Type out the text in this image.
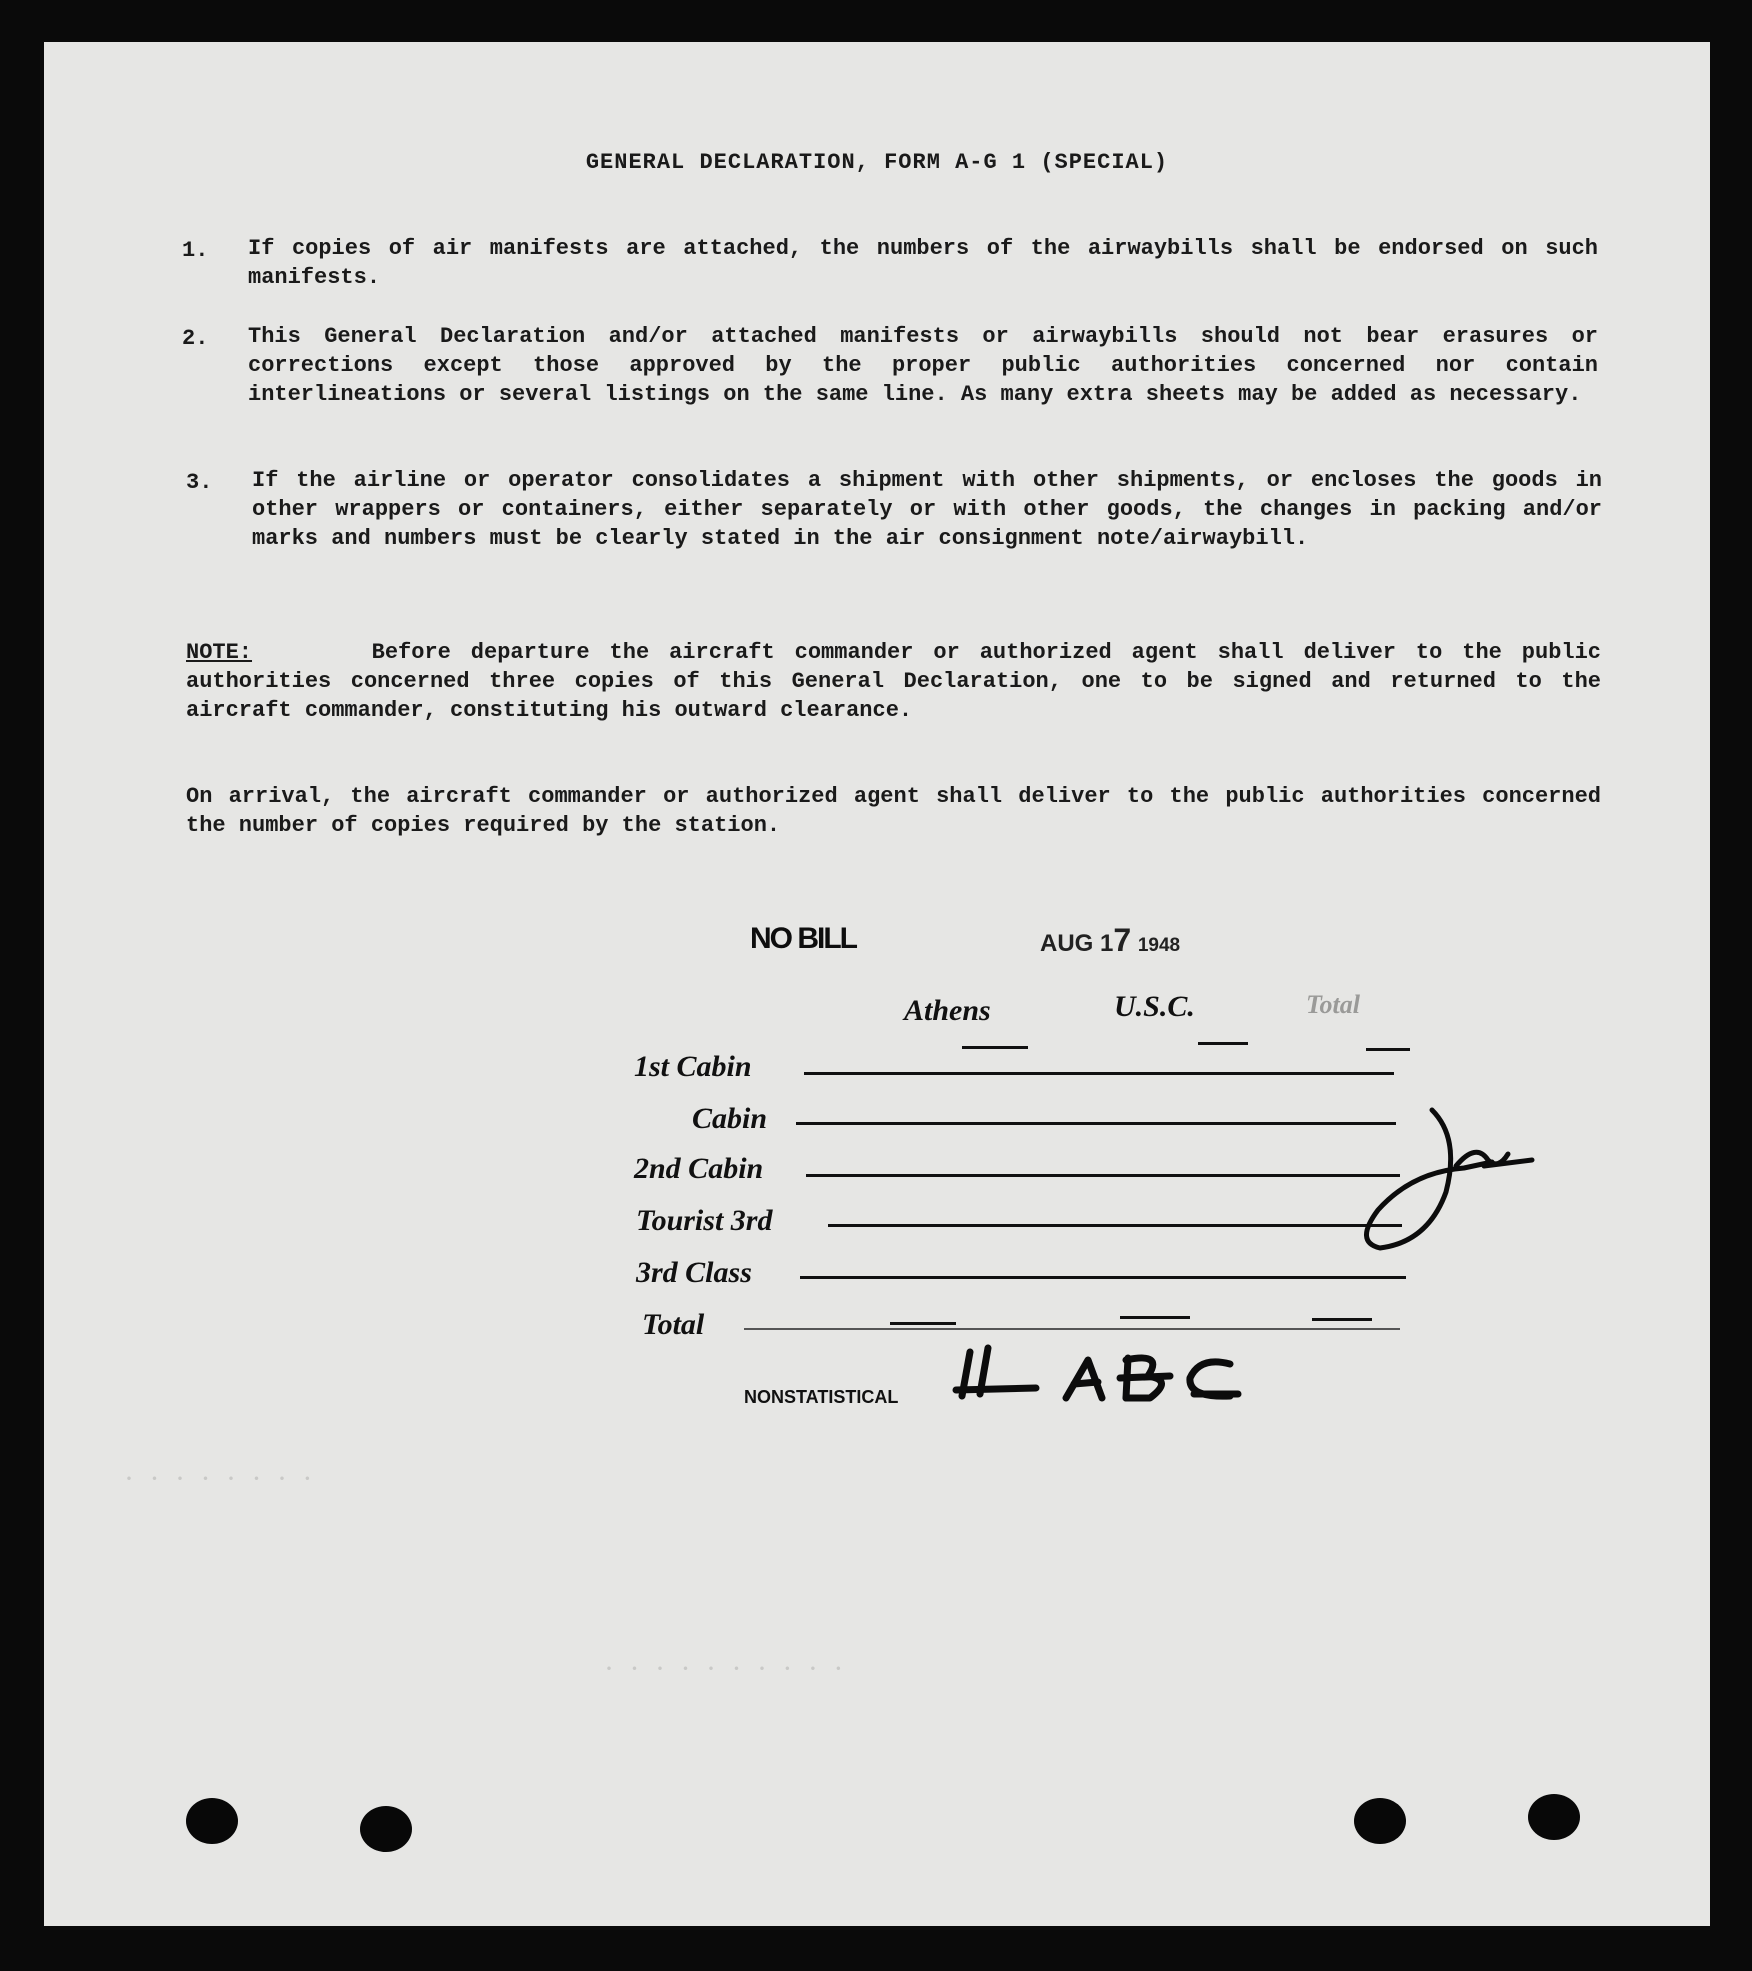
· · · · · · · · · ·
· · · · · · · ·
GENERAL DECLARATION, FORM A-G 1 (SPECIAL)
1. If copies of air manifests are attached, the numbers of the airwaybills shall be endorsed on such manifests.
2. This General Declaration and/or attached manifests or airwaybills should not bear erasures or corrections except those approved by the proper public authorities concerned nor contain interlineations or several listings on the same line. As many extra sheets may be added as necessary.
3. If the airline or operator consolidates a shipment with other shipments, or encloses the goods in other wrappers or containers, either separately or with other goods, the changes in packing and/or marks and numbers must be clearly stated in the air consignment note/airwaybill.
NOTE:	Before departure the aircraft commander or authorized agent shall deliver to the public authorities concerned three copies of this General Declaration, one to be signed and returned to the aircraft commander, constituting his outward clearance.
On arrival, the aircraft commander or authorized agent shall deliver to the public authorities concerned the number of copies required by the station.
NO BILL	AUG 17 1948
Athens	U.S.C.	Total
1st Cabin
Cabin
2nd Cabin
Tourist 3rd
3rd Class
Total
NONSTATISTICAL
